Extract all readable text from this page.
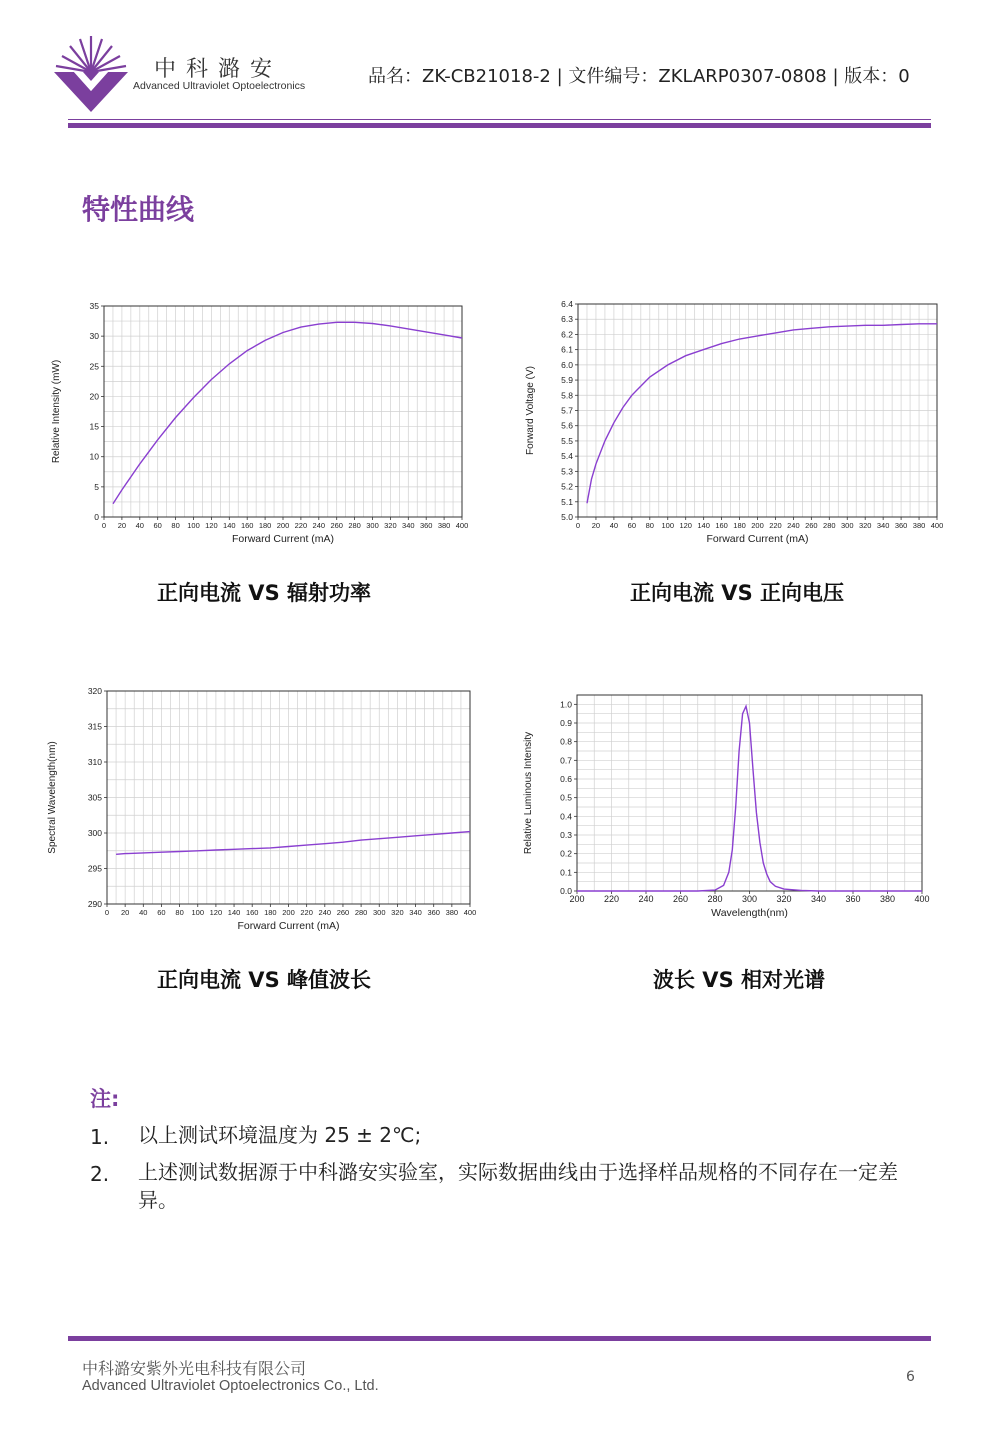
中科潞安
Advanced Ultraviolet Optoelectronics	品名：ZK-CB21018-2 | 文件编号：ZKLARP0307-0808 | 版本：0
特性曲线
0 20 40 60 80 100 120 140 160 180 200 220 240 260 280 300 320 340 360 380 400
0
5
10
15
20
25
30
35
Forward Current (mA)
Relative Intensity (mW)
正向电流 VS 辐射功率
0 20 40 60 80 100 120 140 160 180 200 220 240 260 280 300 320 340 360 380 400
5.0
5.1
5.2
5.3
5.4
5.5
5.6
5.7
5.8
5.9
6.0
6.1
6.2
6.3
6.4
Forward Current (mA)
Forward Voltage (V)
正向电流 VS 正向电压
0 20 40 60 80 100 120 140 160 180 200 220 240 260 280 300 320 340 360 380 400
290
295
300
305
310
315
320
Forward Current (mA)
Spectral Wavelength(nm)
正向电流 VS 峰值波长
200 220 240 260 280 300 320 340 360 380 400
0.0
0.1
0.2
0.3
0.4
0.5
0.6
0.7
0.8
0.9
1.0
Wavelength(nm)
Relative Luminous Intensity
波长 VS 相对光谱
注:
1. 以上测试环境温度为 25 ± 2℃;
2. 上述测试数据源于中科潞安实验室，实际数据曲线由于选择样品规格的不同存在一定差异。
中科潞安紫外光电科技有限公司
Advanced Ultraviolet Optoelectronics Co., Ltd.
6
